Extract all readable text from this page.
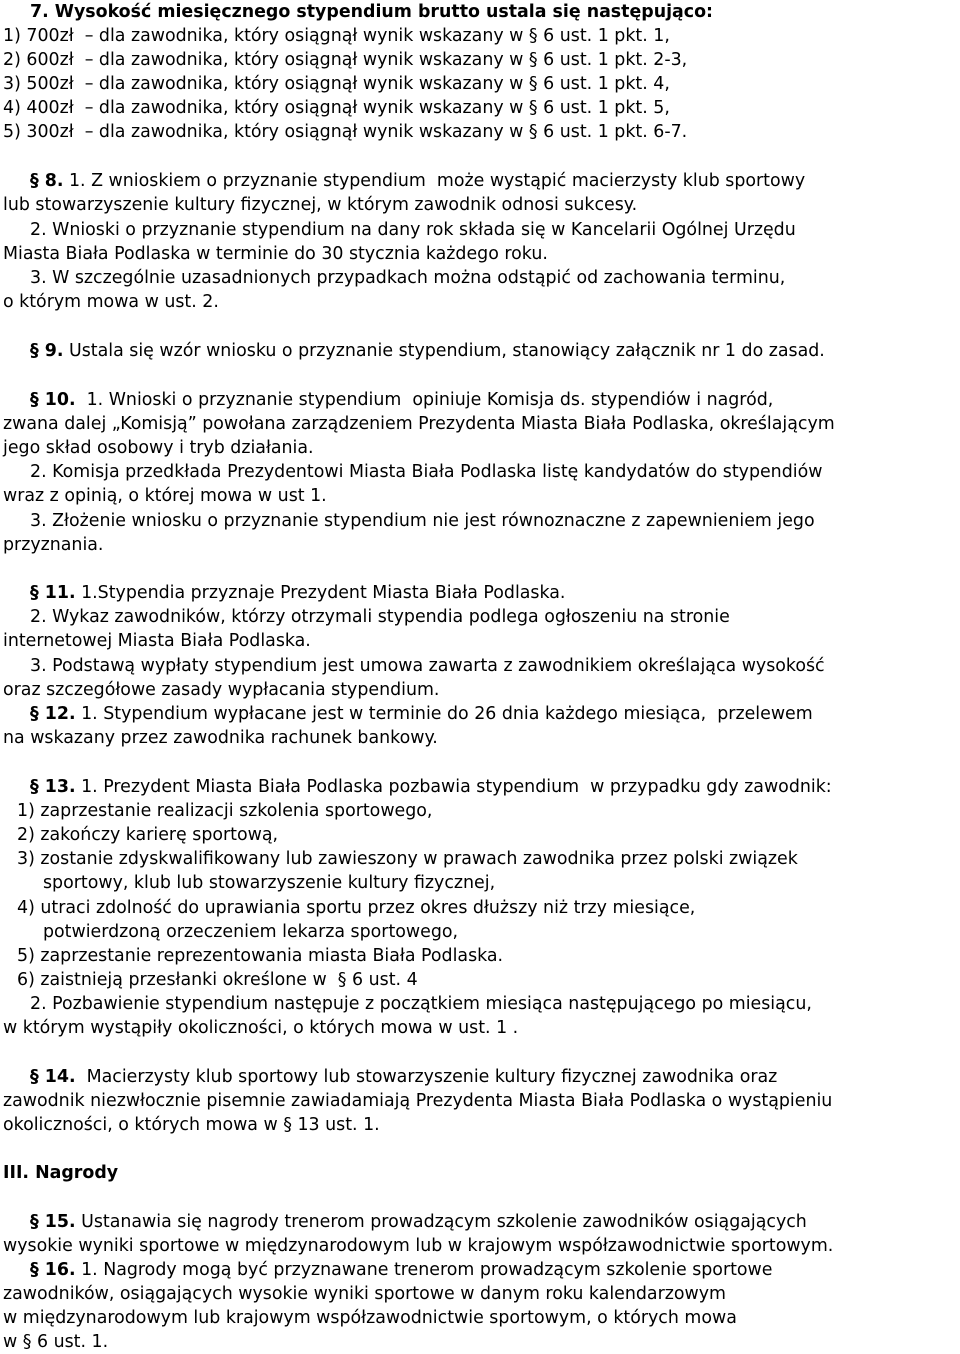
7. Wysokość miesięcznego stypendium brutto ustala się następująco:
1) 700zł  – dla zawodnika, który osiągnął wynik wskazany w § 6 ust. 1 pkt. 1,
2) 600zł  – dla zawodnika, który osiągnął wynik wskazany w § 6 ust. 1 pkt. 2-3,
3) 500zł  – dla zawodnika, który osiągnął wynik wskazany w § 6 ust. 1 pkt. 4,
4) 400zł  – dla zawodnika, który osiągnął wynik wskazany w § 6 ust. 1 pkt. 5,
5) 300zł  – dla zawodnika, który osiągnął wynik wskazany w § 6 ust. 1 pkt. 6-7.
§ 8. 1. Z wnioskiem o przyznanie stypendium  może wystąpić macierzysty klub sportowy
lub stowarzyszenie kultury fizycznej, w którym zawodnik odnosi sukcesy.
2. Wnioski o przyznanie stypendium na dany rok składa się w Kancelarii Ogólnej Urzędu
Miasta Biała Podlaska w terminie do 30 stycznia każdego roku.
3. W szczególnie uzasadnionych przypadkach można odstąpić od zachowania terminu,
o którym mowa w ust. 2.
§ 9. Ustala się wzór wniosku o przyznanie stypendium, stanowiący załącznik nr 1 do zasad.
§ 10.  1. Wnioski o przyznanie stypendium  opiniuje Komisja ds. stypendiów i nagród,
zwana dalej „Komisją” powołana zarządzeniem Prezydenta Miasta Biała Podlaska, określającym
jego skład osobowy i tryb działania.
2. Komisja przedkłada Prezydentowi Miasta Biała Podlaska listę kandydatów do stypendiów
wraz z opinią, o której mowa w ust 1.
3. Złożenie wniosku o przyznanie stypendium nie jest równoznaczne z zapewnieniem jego
przyznania.
§ 11. 1.Stypendia przyznaje Prezydent Miasta Biała Podlaska.
2. Wykaz zawodników, którzy otrzymali stypendia podlega ogłoszeniu na stronie
internetowej Miasta Biała Podlaska.
3. Podstawą wypłaty stypendium jest umowa zawarta z zawodnikiem określająca wysokość
oraz szczegółowe zasady wypłacania stypendium.
§ 12. 1. Stypendium wypłacane jest w terminie do 26 dnia każdego miesiąca,  przelewem
na wskazany przez zawodnika rachunek bankowy.
§ 13. 1. Prezydent Miasta Biała Podlaska pozbawia stypendium  w przypadku gdy zawodnik:
1) zaprzestanie realizacji szkolenia sportowego,
2) zakończy karierę sportową,
3) zostanie zdyskwalifikowany lub zawieszony w prawach zawodnika przez polski związek
sportowy, klub lub stowarzyszenie kultury fizycznej,
4) utraci zdolność do uprawiania sportu przez okres dłuższy niż trzy miesiące,
potwierdzoną orzeczeniem lekarza sportowego,
5) zaprzestanie reprezentowania miasta Biała Podlaska.
6) zaistnieją przesłanki określone w  § 6 ust. 4
2. Pozbawienie stypendium następuje z początkiem miesiąca następującego po miesiącu,
w którym wystąpiły okoliczności, o których mowa w ust. 1 .
§ 14.  Macierzysty klub sportowy lub stowarzyszenie kultury fizycznej zawodnika oraz
zawodnik niezwłocznie pisemnie zawiadamiają Prezydenta Miasta Biała Podlaska o wystąpieniu
okoliczności, o których mowa w § 13 ust. 1.
III. Nagrody
§ 15. Ustanawia się nagrody trenerom prowadzącym szkolenie zawodników osiągających
wysokie wyniki sportowe w międzynarodowym lub w krajowym współzawodnictwie sportowym.
§ 16. 1. Nagrody mogą być przyznawane trenerom prowadzącym szkolenie sportowe
zawodników, osiągających wysokie wyniki sportowe w danym roku kalendarzowym
w międzynarodowym lub krajowym współzawodnictwie sportowym, o których mowa
w § 6 ust. 1.
